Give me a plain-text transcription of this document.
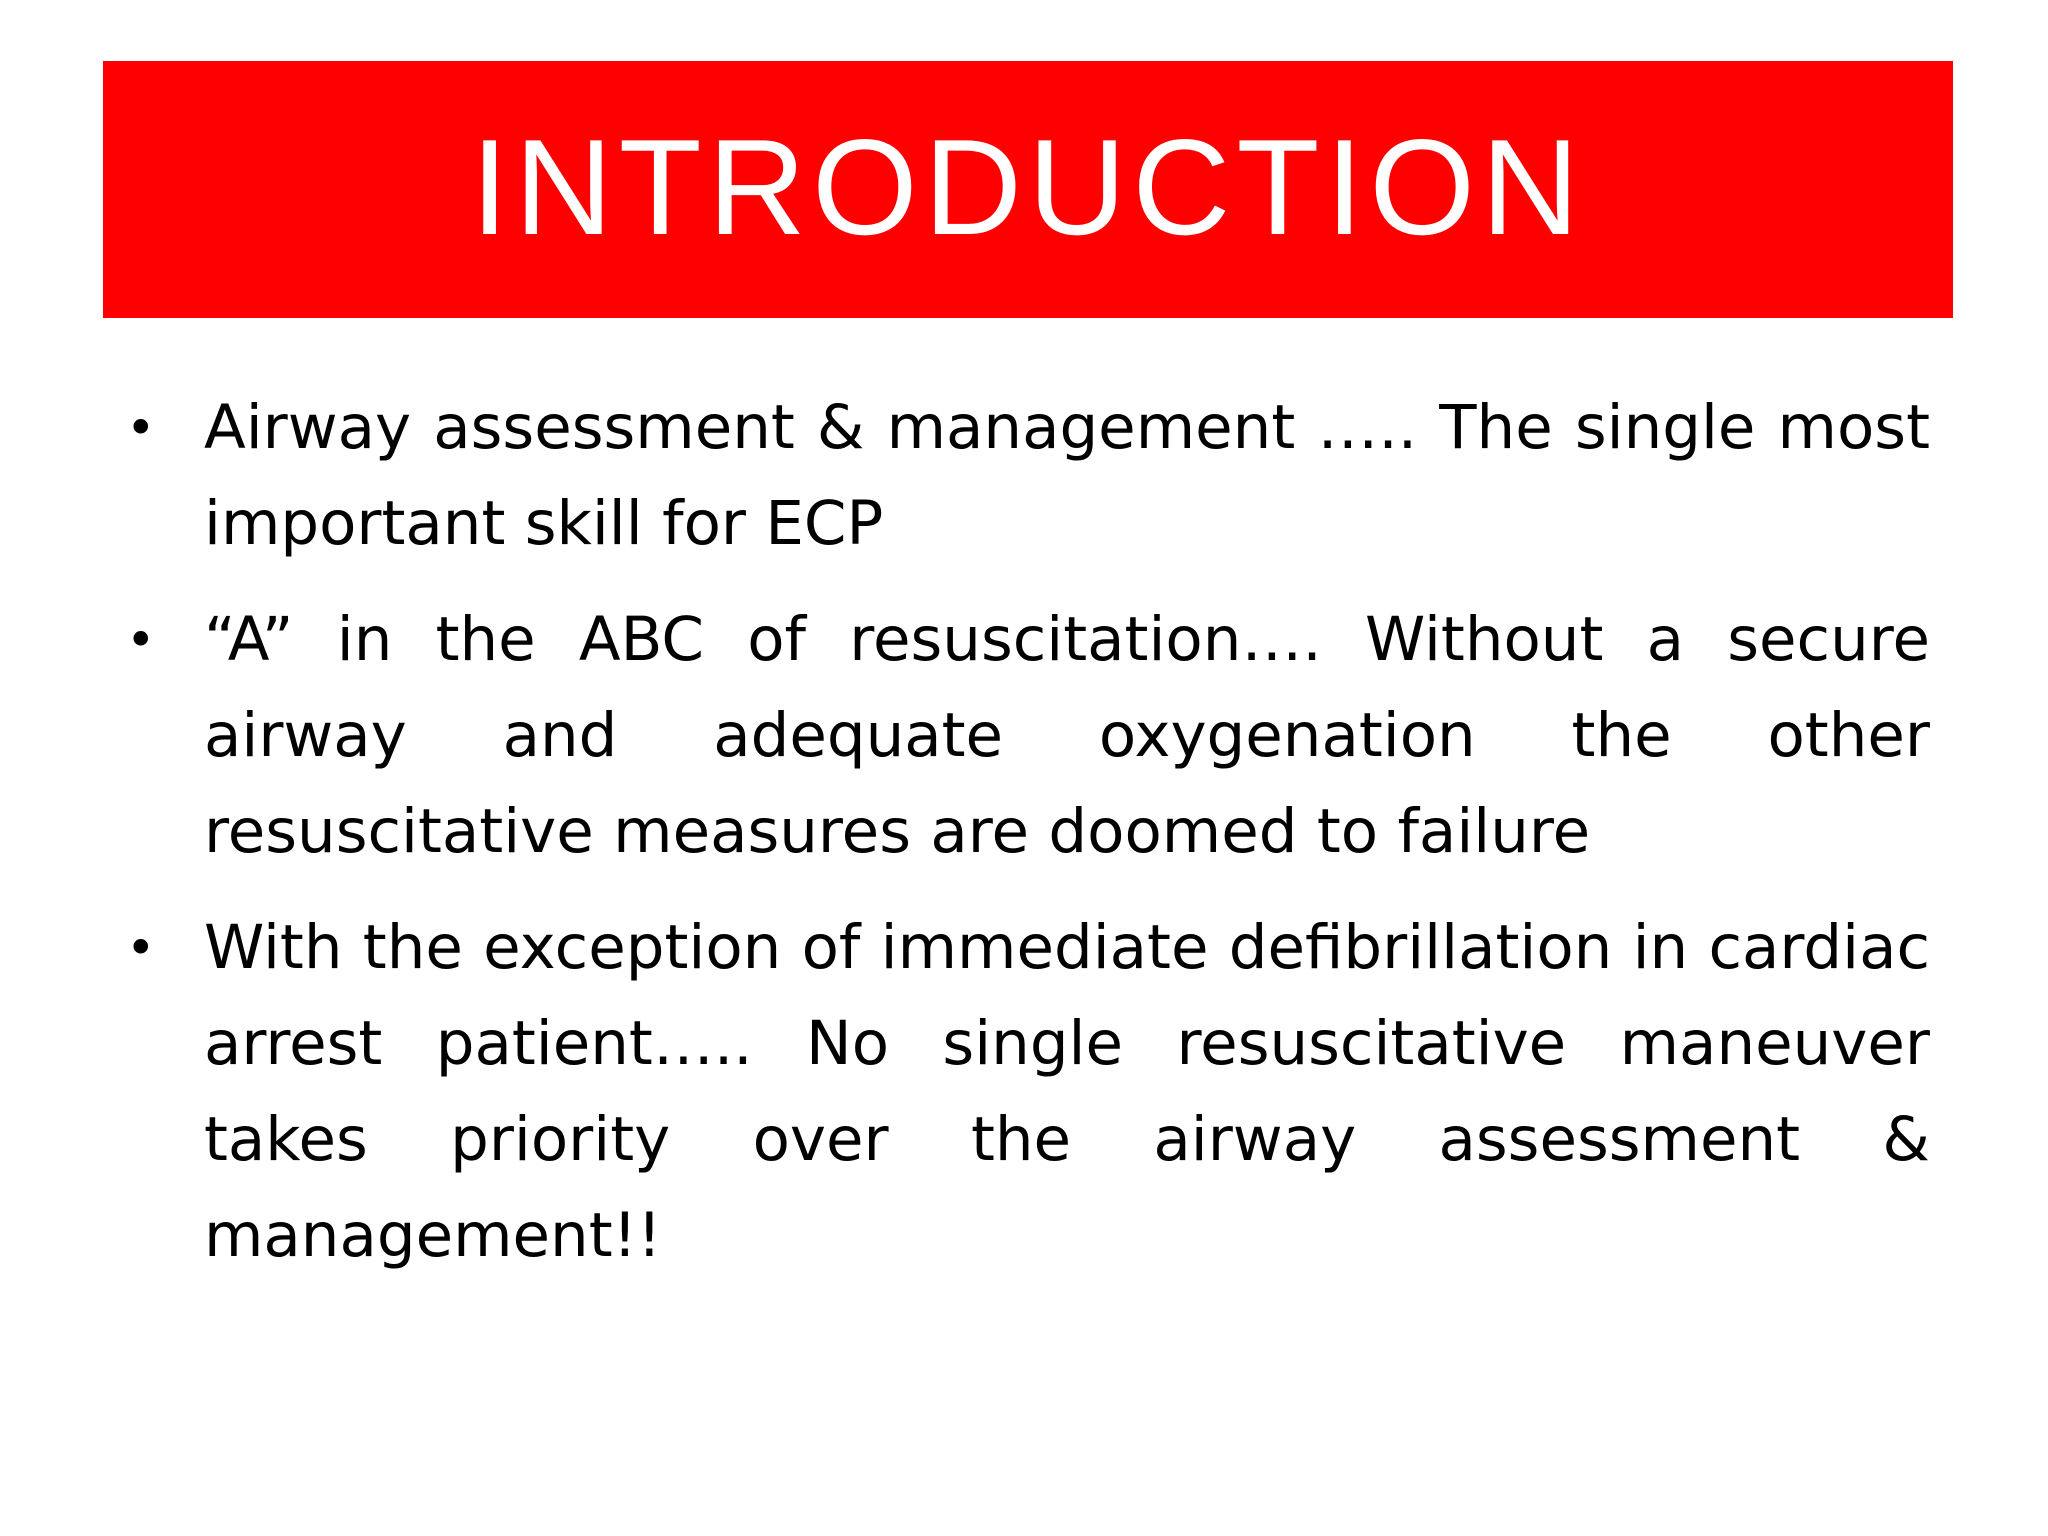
INTRODUCTION
• Airway assessment & management ….. The single most important skill for ECP
• “A” in the ABC of resuscitation…. Without a secure airway and adequate oxygenation the other resuscitative measures are doomed to failure
• With the exception of immediate defibrillation in cardiac arrest patient….. No single resuscitative maneuver takes priority over the airway assessment & management!!
